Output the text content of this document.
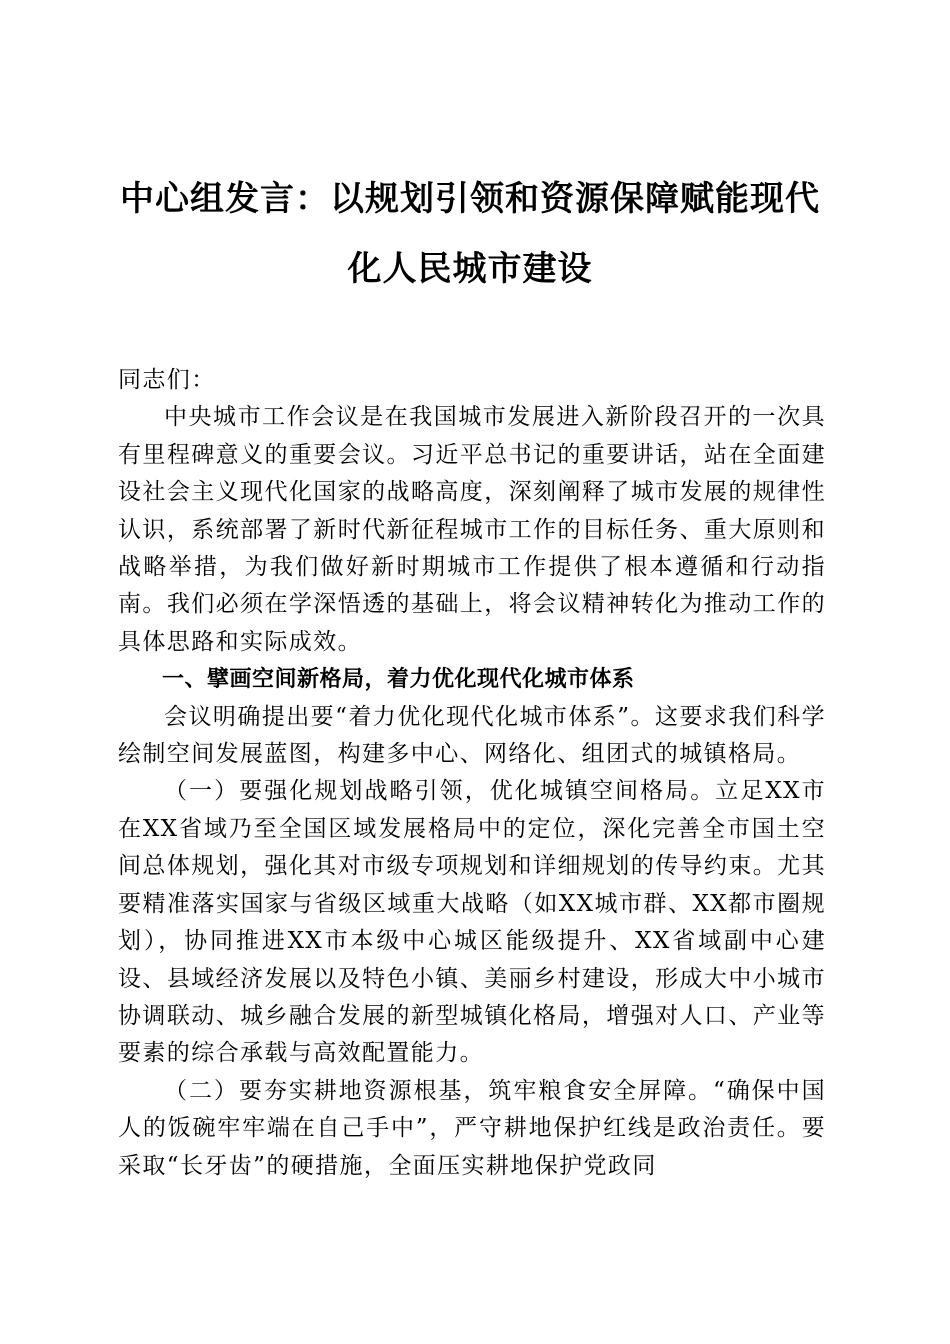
中心组发言：以规划引领和资源保障赋能现代化人民城市建设

同志们：

中央城市工作会议是在我国城市发展进入新阶段召开的一次具有里程碑意义的重要会议。习近平总书记的重要讲话，站在全面建设社会主义现代化国家的战略高度，深刻阐释了城市发展的规律性认识，系统部署了新时代新征程城市工作的目标任务、重大原则和战略举措，为我们做好新时期城市工作提供了根本遵循和行动指南。我们必须在学深悟透的基础上，将会议精神转化为推动工作的具体思路和实际成效。

一、擘画空间新格局，着力优化现代化城市体系

会议明确提出要“着力优化现代化城市体系”。这要求我们科学绘制空间发展蓝图，构建多中心、网络化、组团式的城镇格局。

（一）要强化规划战略引领，优化城镇空间格局。立足XX市在XX省域乃至全国区域发展格局中的定位，深化完善全市国土空间总体规划，强化其对市级专项规划和详细规划的传导约束。尤其要精准落实国家与省级区域重大战略（如XX城市群、XX都市圈规划），协同推进XX市本级中心城区能级提升、XX省域副中心建设、县域经济发展以及特色小镇、美丽乡村建设，形成大中小城市协调联动、城乡融合发展的新型城镇化格局，增强对人口、产业等要素的综合承载与高效配置能力。

（二）要夯实耕地资源根基，筑牢粮食安全屏障。“确保中国人的饭碗牢牢端在自己手中”，严守耕地保护红线是政治责任。要采取“长牙齿”的硬措施，全面压实耕地保护党政同
